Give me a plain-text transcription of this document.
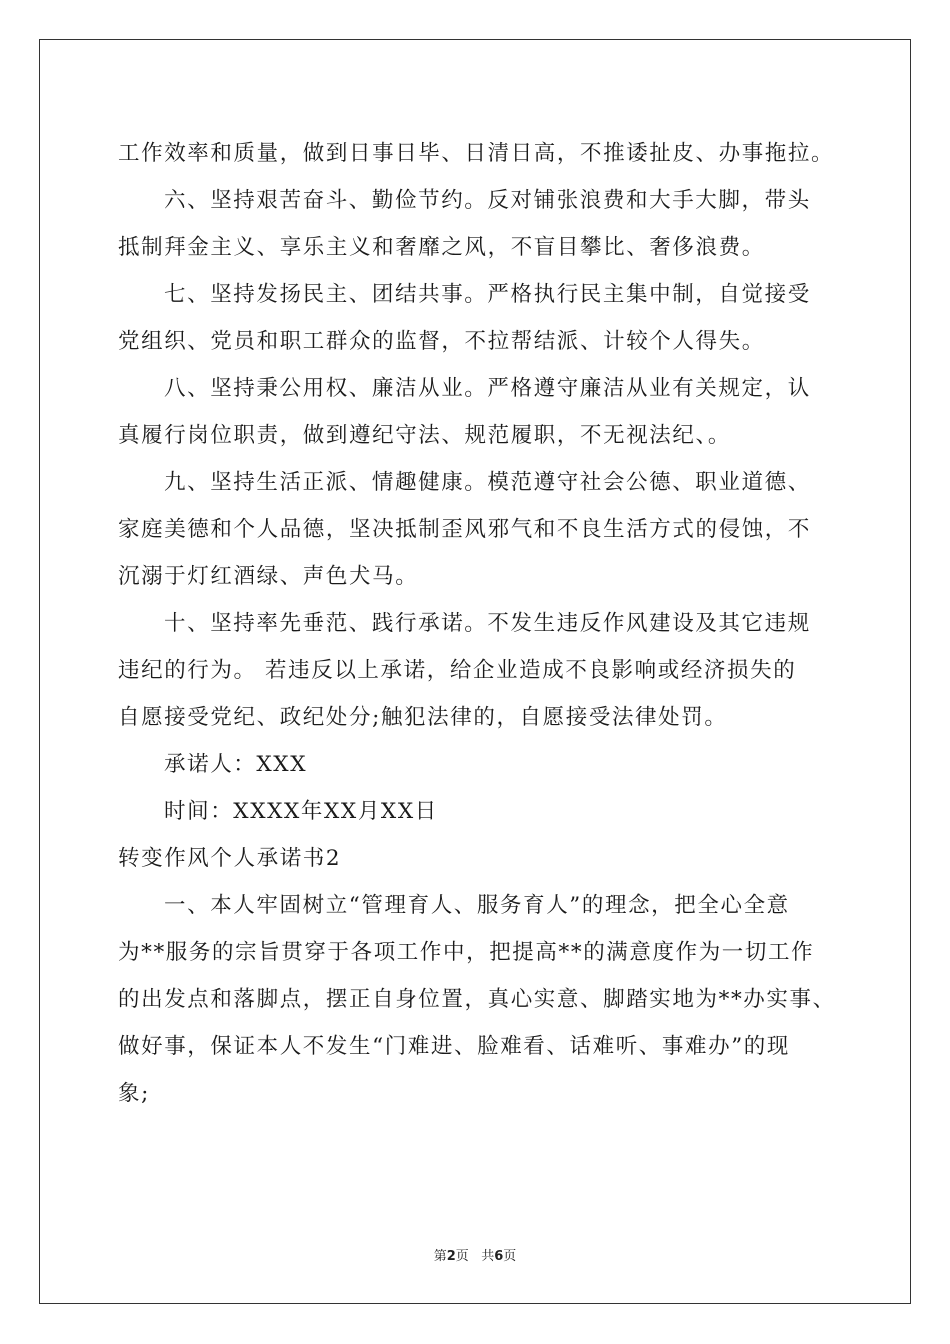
工作效率和质量，做到日事日毕、日清日高，不推诿扯皮、办事拖拉。
六、坚持艰苦奋斗、勤俭节约。反对铺张浪费和大手大脚，带头
抵制拜金主义、享乐主义和奢靡之风，不盲目攀比、奢侈浪费。
七、坚持发扬民主、团结共事。严格执行民主集中制，自觉接受
党组织、党员和职工群众的监督，不拉帮结派、计较个人得失。
八、坚持秉公用权、廉洁从业。严格遵守廉洁从业有关规定，认
真履行岗位职责，做到遵纪守法、规范履职，不无视法纪、。
九、坚持生活正派、情趣健康。模范遵守社会公德、职业道德、
家庭美德和个人品德，坚决抵制歪风邪气和不良生活方式的侵蚀，不
沉溺于灯红酒绿、声色犬马。
十、坚持率先垂范、践行承诺。不发生违反作风建设及其它违规
违纪的行为。 若违反以上承诺，给企业造成不良影响或经济损失的
自愿接受党纪、政纪处分;触犯法律的，自愿接受法律处罚。
承诺人：XXX
时间：XXXX年XX月XX日
转变作风个人承诺书2
一、本人牢固树立“管理育人、服务育人”的理念，把全心全意
为**服务的宗旨贯穿于各项工作中，把提高**的满意度作为一切工作
的出发点和落脚点，摆正自身位置，真心实意、脚踏实地为**办实事、
做好事，保证本人不发生“门难进、脸难看、话难听、事难办”的现
象;
第2页 共6页
